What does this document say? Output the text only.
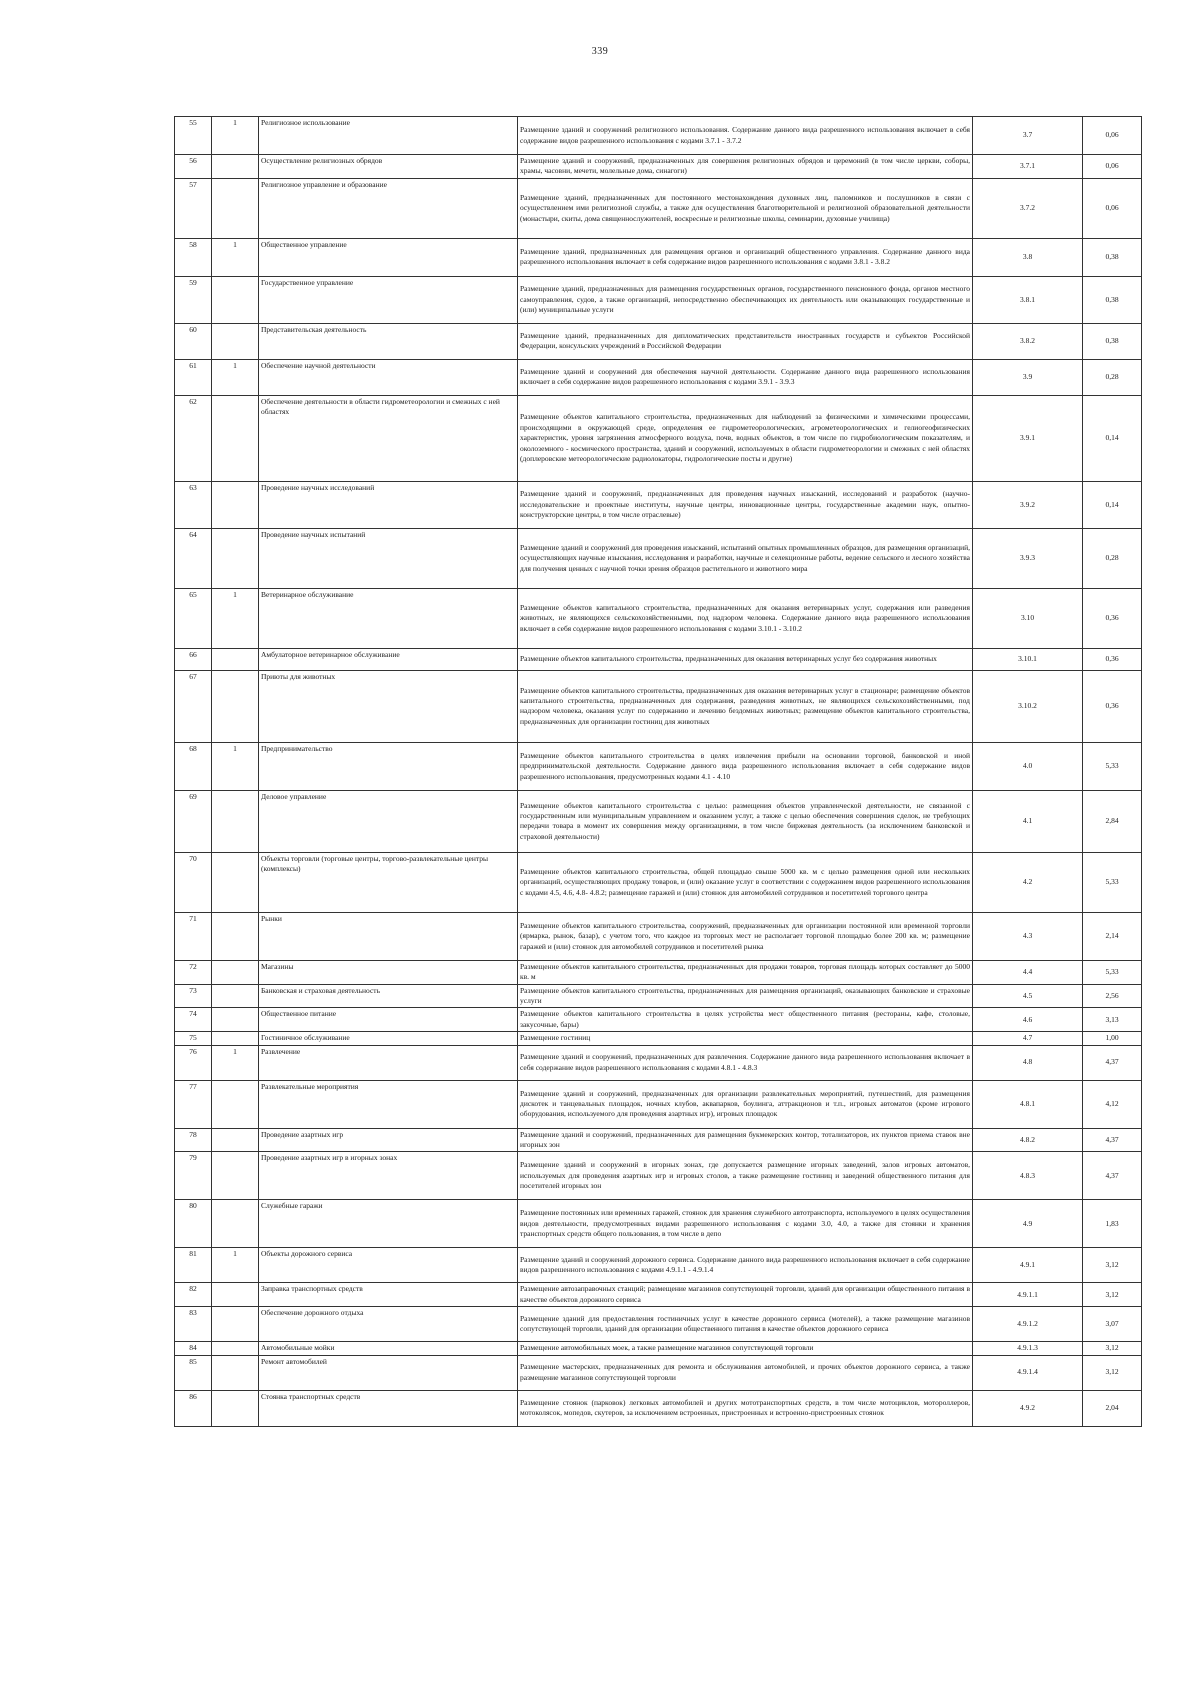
339
55	1	Религиозное использование	Размещение зданий и сооружений религиозного использования. Содержание данного вида разрешенного использования включает в себя содержание видов разрешенного использования с кодами 3.7.1 - 3.7.2	3.7	0,06
56		Осуществление религиозных обрядов	Размещение зданий и сооружений, предназначенных для совершения религиозных обрядов и церемоний (в том числе церкви, соборы, храмы, часовни, мечети, молельные дома, синагоги)	3.7.1	0,06
57		Религиозное управление и образование	Размещение зданий, предназначенных для постоянного местонахождения духовных лиц, паломников и послушников в связи с осуществлением ими религиозной службы, а также для осуществления благотворительной и религиозной образовательной деятельности (монастыри, скиты, дома священнослужителей, воскресные и религиозные школы, семинарии, духовные училища)	3.7.2	0,06
58	1	Общественное управление	Размещение зданий, предназначенных для размещения органов и организаций общественного управления. Содержание данного вида разрешенного использования включает в себя содержание видов разрешенного использования с кодами 3.8.1 - 3.8.2	3.8	0,38
59		Государственное управление	Размещение зданий, предназначенных для размещения государственных органов, государственного пенсионного фонда, органов местного самоуправления, судов, а также организаций, непосредственно обеспечивающих их деятельность или оказывающих государственные и (или) муниципальные услуги	3.8.1	0,38
60		Представительская деятельность	Размещение зданий, предназначенных для дипломатических представительств иностранных государств и субъектов Российской Федерации, консульских учреждений в Российской Федерации	3.8.2	0,38
61	1	Обеспечение научной деятельности	Размещение зданий и сооружений для обеспечения научной деятельности. Содержание данного вида разрешенного использования включает в себя содержание видов разрешенного использования с кодами 3.9.1 - 3.9.3	3.9	0,28
62		Обеспечение деятельности в области гидрометеорологии и смежных с ней областях	Размещение объектов капитального строительства, предназначенных для наблюдений за физическими и химическими процессами, происходящими в окружающей среде, определения ее гидрометеорологических, агрометеорологических и гелиогеофизических характеристик, уровня загрязнения атмосферного воздуха, почв, водных объектов, в том числе по гидробиологическим показателям, и околоземного - космического пространства, зданий и сооружений, используемых в области гидрометеорологии и смежных с ней областях (доплеровские метеорологические радиолокаторы, гидрологические посты и другие)	3.9.1	0,14
63		Проведение научных исследований	Размещение зданий и сооружений, предназначенных для проведения научных изысканий, исследований и разработок (научно-исследовательские и проектные институты, научные центры, инновационные центры, государственные академии наук, опытно-конструкторские центры, в том числе отраслевые)	3.9.2	0,14
64		Проведение научных испытаний	Размещение зданий и сооружений для проведения изысканий, испытаний опытных промышленных образцов, для размещения организаций, осуществляющих научные изыскания, исследования и разработки, научные и селекционные работы, ведение сельского и лесного хозяйства для получения ценных с научной точки зрения образцов растительного и животного мира	3.9.3	0,28
65	1	Ветеринарное обслуживание	Размещение объектов капитального строительства, предназначенных для оказания ветеринарных услуг, содержания или разведения животных, не являющихся сельскохозяйственными, под надзором человека. Содержание данного вида разрешенного использования включает в себя содержание видов разрешенного использования с кодами 3.10.1 - 3.10.2	3.10	0,36
66		Амбулаторное ветеринарное обслуживание	Размещение объектов капитального строительства, предназначенных для оказания ветеринарных услуг без содержания животных	3.10.1	0,36
67		Приюты для животных	Размещение объектов капитального строительства, предназначенных для оказания ветеринарных услуг в стационаре; размещение объектов капитального строительства, предназначенных для содержания, разведения животных, не являющихся сельскохозяйственными, под надзором человека, оказания услуг по содержанию и лечению бездомных животных; размещение объектов капитального строительства, предназначенных для организации гостиниц для животных	3.10.2	0,36
68	1	Предпринимательство	Размещение объектов капитального строительства в целях извлечения прибыли на основании торговой, банковской и иной предпринимательской деятельности. Содержание данного вида разрешенного использования включает в себя содержание видов разрешенного использования, предусмотренных кодами 4.1 - 4.10	4.0	5,33
69		Деловое управление	Размещение объектов капитального строительства с целью: размещения объектов управленческой деятельности, не связанной с государственным или муниципальным управлением и оказанием услуг, а также с целью обеспечения совершения сделок, не требующих передачи товара в момент их совершения между организациями, в том числе биржевая деятельность (за исключением банковской и страховой деятельности)	4.1	2,84
70		Объекты торговли (торговые центры, торгово-развлекательные центры (комплексы)	Размещение объектов капитального строительства, общей площадью свыше 5000 кв. м с целью размещения одной или нескольких организаций, осуществляющих продажу товаров, и (или) оказание услуг в соответствии с содержанием видов разрешенного использования с кодами 4.5, 4.6, 4.8- 4.8.2; размещение гаражей и (или) стоянок для автомобилей сотрудников и посетителей торгового центра	4.2	5,33
71		Рынки	Размещение объектов капитального строительства, сооружений, предназначенных для организации постоянной или временной торговли (ярмарка, рынок, базар), с учетом того, что каждое из торговых мест не располагает торговой площадью более 200 кв. м; размещение гаражей и (или) стоянок для автомобилей сотрудников и посетителей рынка	4.3	2,14
72		Магазины	Размещение объектов капитального строительства, предназначенных для продажи товаров, торговая площадь которых составляет до 5000 кв. м	4.4	5,33
73		Банковская и страховая деятельность	Размещение объектов капитального строительства, предназначенных для размещения организаций, оказывающих банковские и страховые услуги	4.5	2,56
74		Общественное питание	Размещение объектов капитального строительства в целях устройства мест общественного питания (рестораны, кафе, столовые, закусочные, бары)	4.6	3,13
75		Гостиничное обслуживание	Размещение гостиниц	4.7	1,00
76	1	Развлечение	Размещение зданий и сооружений, предназначенных для развлечения. Содержание данного вида разрешенного использования включает в себя содержание видов разрешенного использования с кодами 4.8.1 - 4.8.3	4.8	4,37
77		Развлекательные мероприятия	Размещение зданий и сооружений, предназначенных для организации развлекательных мероприятий, путешествий, для размещения дискотек и танцевальных площадок, ночных клубов, аквапарков, боулинга, аттракционов и т.п., игровых автоматов (кроме игрового оборудования, используемого для проведения азартных игр), игровых площадок	4.8.1	4,12
78		Проведение азартных игр	Размещение зданий и сооружений, предназначенных для размещения букмекерских контор, тотализаторов, их пунктов приема ставок вне игорных зон	4.8.2	4,37
79		Проведение азартных игр в игорных зонах	Размещение зданий и сооружений в игорных зонах, где допускается размещение игорных заведений, залов игровых автоматов, используемых для проведения азартных игр и игровых столов, а также размещение гостиниц и заведений общественного питания для посетителей игорных зон	4.8.3	4,37
80		Служебные гаражи	Размещение постоянных или временных гаражей, стоянок для хранения служебного автотранспорта, используемого в целях осуществления видов деятельности, предусмотренных видами разрешенного использования с кодами 3.0, 4.0, а также для стоянки и хранения транспортных средств общего пользования, в том числе в депо	4.9	1,83
81	1	Объекты дорожного сервиса	Размещение зданий и сооружений дорожного сервиса. Содержание данного вида разрешенного использования включает в себя содержание видов разрешенного использования с кодами 4.9.1.1 - 4.9.1.4	4.9.1	3,12
82		Заправка транспортных средств	Размещение автозаправочных станций; размещение магазинов сопутствующей торговли, зданий для организации общественного питания в качестве объектов дорожного сервиса	4.9.1.1	3,12
83		Обеспечение дорожного отдыха	Размещение зданий для предоставления гостиничных услуг в качестве дорожного сервиса (мотелей), а также размещение магазинов сопутствующей торговли, зданий для организации общественного питания в качестве объектов дорожного сервиса	4.9.1.2	3,07
84		Автомобильные мойки	Размещение автомобильных моек, а также размещение магазинов сопутствующей торговли	4.9.1.3	3,12
85		Ремонт автомобилей	Размещение мастерских, предназначенных для ремонта и обслуживания автомобилей, и прочих объектов дорожного сервиса, а также размещение магазинов сопутствующей торговли	4.9.1.4	3,12
86		Стоянка транспортных средств	Размещение стоянок (парковок) легковых автомобилей и других мототранспортных средств, в том числе мотоциклов, мотороллеров, мотоколясок, мопедов, скутеров, за исключением встроенных, пристроенных и встроенно-пристроенных стоянок	4.9.2	2,04
